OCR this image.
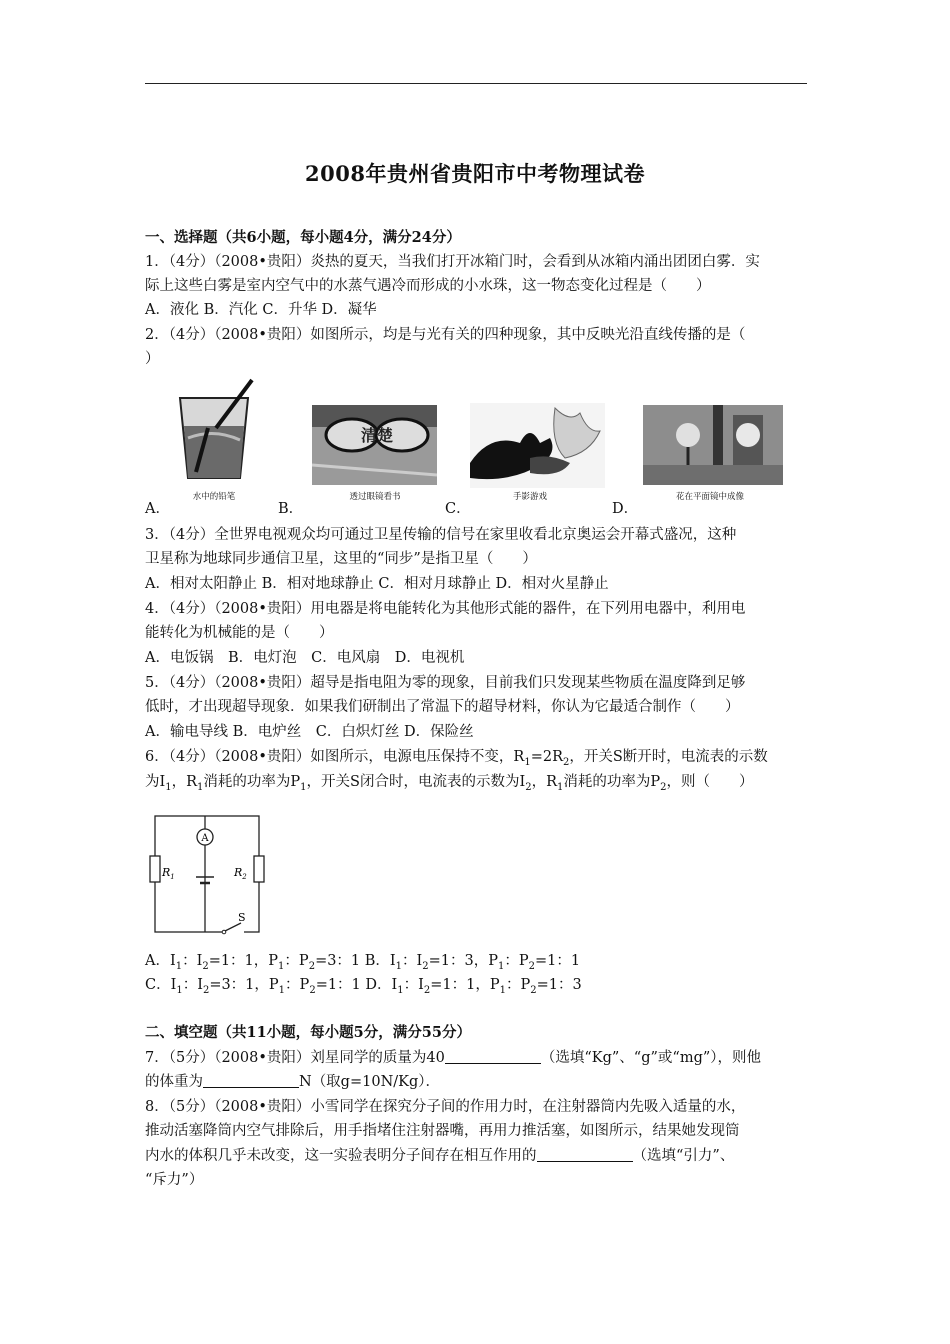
2008年贵州省贵阳市中考物理试卷
一、选择题（共6小题，每小题4分，满分24分）
1．（4分）（2008•贵阳）炎热的夏天，当我们打开冰箱门时，会看到从冰箱内涌出团团白雾．实
际上这些白雾是室内空气中的水蒸气遇冷而形成的小水珠，这一物态变化过程是（　　）
A．液化 B．汽化 C．升华 D．凝华
2．（4分）（2008•贵阳）如图所示，均是与光有关的四种现象，其中反映光沿直线传播的是（
）
水中的铅笔
清楚
透过眼镜看书	手影游戏	花在平面镜中成像
A．	B．	C．	D．
3．（4分）全世界电视观众均可通过卫星传输的信号在家里收看北京奥运会开幕式盛况，这种
卫星称为地球同步通信卫星，这里的“同步”是指卫星（　　）
A．相对太阳静止 B．相对地球静止 C．相对月球静止 D．相对火星静止
4．（4分）（2008•贵阳）用电器是将电能转化为其他形式能的器件，在下列用电器中，利用电
能转化为机械能的是（　　）
A．电饭锅　B．电灯泡　C．电风扇　D．电视机
5．（4分）（2008•贵阳）超导是指电阻为零的现象，目前我们只发现某些物质在温度降到足够
低时，才出现超导现象．如果我们研制出了常温下的超导材料，你认为它最适合制作（　　）
A．输电导线 B．电炉丝　C．白炽灯丝 D．保险丝
6．（4分）（2008•贵阳）如图所示，电源电压保持不变，$R_1=2R_2$，开关S断开时，电流表的示数
为$I_1$，$R_1$消耗的功率为$P_1$，开关S闭合时，电流表的示数为$I_2$，$R_1$消耗的功率为$P_2$，则（　　）
A
$R_1$	$R_2$
S
A．$I_1$：$I_2=1$：1，$P_1$：$P_2=3$：1 B．$I_1$：$I_2=1$：3，$P_1$：$P_2=1$：1
C．$I_1$：$I_2=3$：1，$P_1$：$P_2=1$：1 D．$I_1$：$I_2=1$：1，$P_1$：$P_2=1$：3
二、填空题（共11小题，每小题5分，满分55分）
7．（5分）（2008•贵阳）刘星同学的质量为40	（选填“Kg”、“g”或“mg”），则他
的体重为	N（取g=10N/Kg）．
8．（5分）（2008•贵阳）小雪同学在探究分子间的作用力时，在注射器筒内先吸入适量的水，
推动活塞降筒内空气排除后，用手指堵住注射器嘴，再用力推活塞，如图所示，结果她发现筒
内水的体积几乎未改变，这一实验表明分子间存在相互作用的	（选填“引力”、
“斥力”）
